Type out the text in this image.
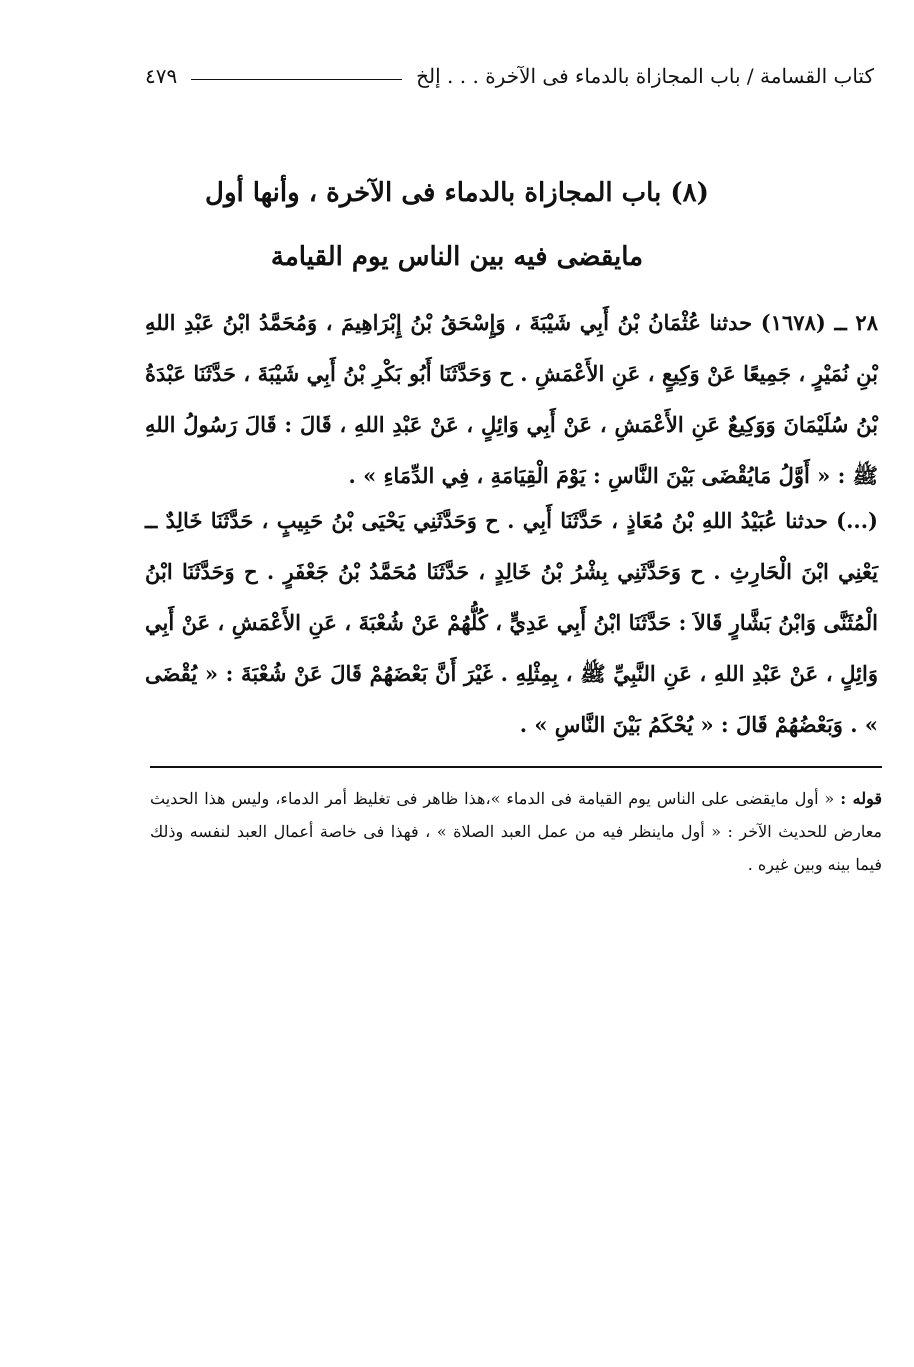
كتاب القسامة / باب المجازاة بالدماء فى الآخرة . . . إلخ
٤٧٩
(٨) باب المجازاة بالدماء فى الآخرة ، وأنها أول
مايقضى فيه بين الناس يوم القيامة

٢٨ ــ (١٦٧٨) حدثنا عُثْمَانُ بْنُ أَبِي شَيْبَةَ ، وَإِسْحَقُ بْنُ إِبْرَاهِيمَ ، وَمُحَمَّدُ ابْنُ عَبْدِ اللهِ بْنِ نُمَيْرٍ ، جَمِيعًا عَنْ وَكِيعٍ ، عَنِ الأَعْمَشِ . ح وَحَدَّثَنَا أَبُو بَكْرِ بْنُ أَبِي شَيْبَةَ ، حَدَّثَنَا عَبْدَةُ بْنُ سُلَيْمَانَ وَوَكِيعٌ عَنِ الأَعْمَشِ ، عَنْ أَبِي وَائِلٍ ، عَنْ عَبْدِ اللهِ ، قَالَ : قَالَ رَسُولُ اللهِ ﷺ : « أَوَّلُ مَايُقْضَى بَيْنَ النَّاسِ : يَوْمَ الْقِيَامَةِ ، فِي الدِّمَاءِ » .

(...) حدثنا عُبَيْدُ اللهِ بْنُ مُعَاذٍ ، حَدَّثَنَا أَبِي . ح وَحَدَّثَنِي يَحْيَى بْنُ حَبِيبٍ ، حَدَّثَنَا خَالِدٌ ــ يَعْنِي ابْنَ الْحَارِثِ . ح وَحَدَّثَنِي بِشْرُ بْنُ خَالِدٍ ، حَدَّثَنَا مُحَمَّدُ بْنُ جَعْفَرٍ . ح وَحَدَّثَنَا ابْنُ الْمُثَنَّى وَابْنُ بَشَّارٍ قَالاَ : حَدَّثَنَا ابْنُ أَبِي عَدِيٍّ ، كُلُّهُمْ عَنْ شُعْبَةَ ، عَنِ الأَعْمَشِ ، عَنْ أَبِي وَائِلٍ ، عَنْ عَبْدِ اللهِ ، عَنِ النَّبِيِّ ﷺ ، بِمِثْلِهِ . غَيْرَ أَنَّ بَعْضَهُمْ قَالَ عَنْ شُعْبَةَ : « يُقْضَى » . وَبَعْضُهُمْ قَالَ : « يُحْكَمُ بَيْنَ النَّاسِ » .

قوله : « أول مايقضى على الناس يوم القيامة فى الدماء »،هذا ظاهر فى تغليظ أمر الدماء، وليس هذا الحديث معارض للحديث الآخر : « أول ماينظر فيه من عمل العبد الصلاة » ، فهذا فى خاصة أعمال العبد لنفسه وذلك فيما بينه وبين غيره .
